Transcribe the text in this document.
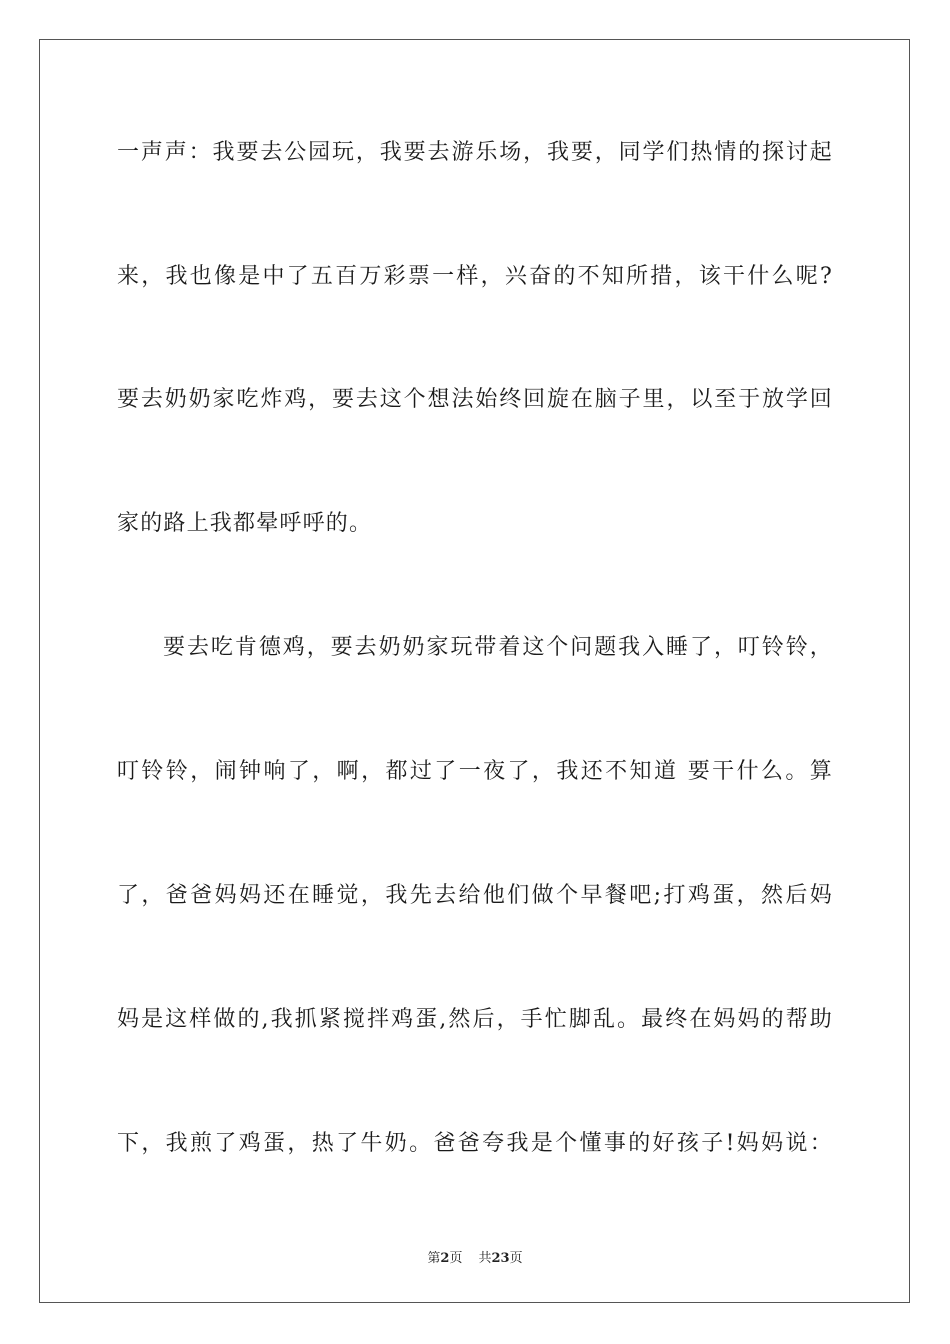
一声声：我要去公园玩，我要去游乐场，我要，同学们热情的探讨起
来，我也像是中了五百万彩票一样，兴奋的不知所措，该干什么呢?
要去奶奶家吃炸鸡，要去这个想法始终回旋在脑子里，以至于放学回
家的路上我都晕呼呼的。
要去吃肯德鸡，要去奶奶家玩带着这个问题我入睡了，叮铃铃，
叮铃铃，闹钟响了，啊，都过了一夜了，我还不知道 要干什么。算
了，爸爸妈妈还在睡觉，我先去给他们做个早餐吧;打鸡蛋，然后妈
妈是这样做的,我抓紧搅拌鸡蛋,然后，手忙脚乱。最终在妈妈的帮助
下，我煎了鸡蛋，热了牛奶。爸爸夸我是个懂事的好孩子!妈妈说：
第2页 共23页
